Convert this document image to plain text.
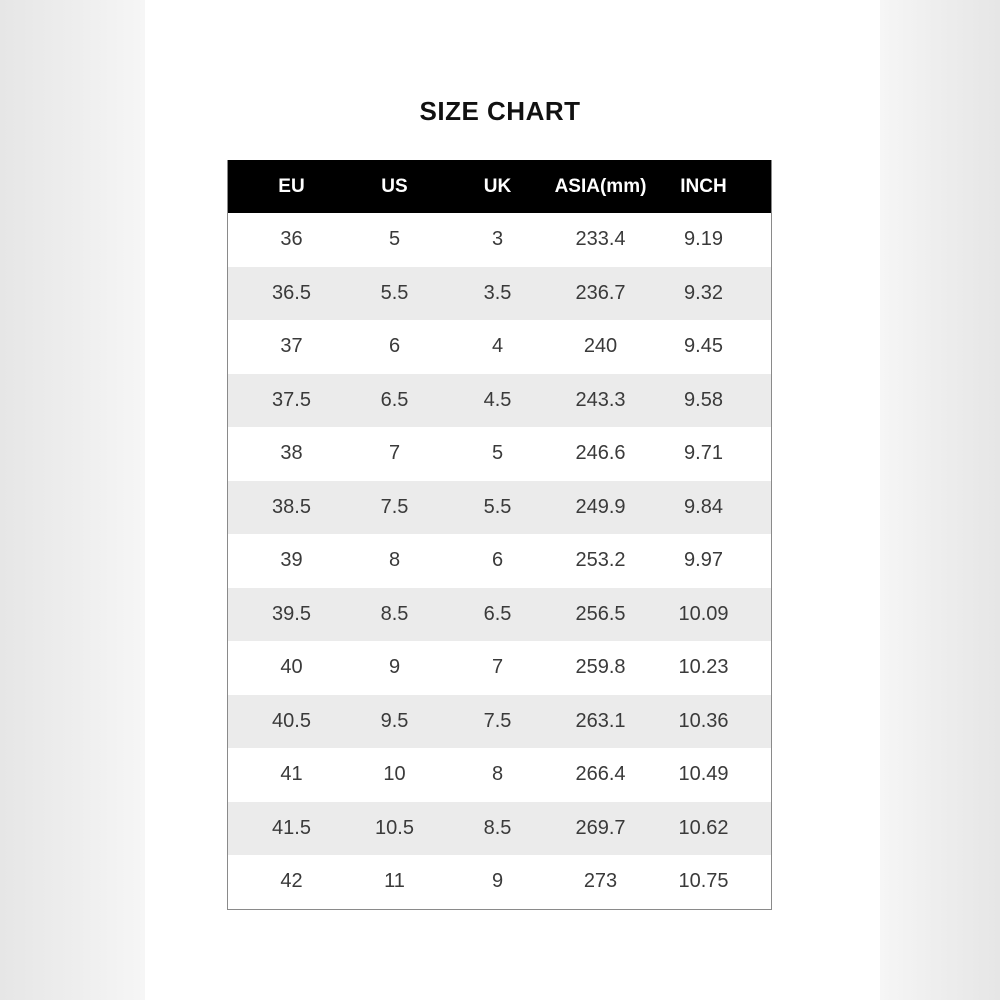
SIZE CHART
EU	US	UK	ASIA(mm)	INCH
36	5	3	233.4	9.19
36.5	5.5	3.5	236.7	9.32
37	6	4	240	9.45
37.5	6.5	4.5	243.3	9.58
38	7	5	246.6	9.71
38.5	7.5	5.5	249.9	9.84
39	8	6	253.2	9.97
39.5	8.5	6.5	256.5	10.09
40	9	7	259.8	10.23
40.5	9.5	7.5	263.1	10.36
41	10	8	266.4	10.49
41.5	10.5	8.5	269.7	10.62
42	11	9	273	10.75
